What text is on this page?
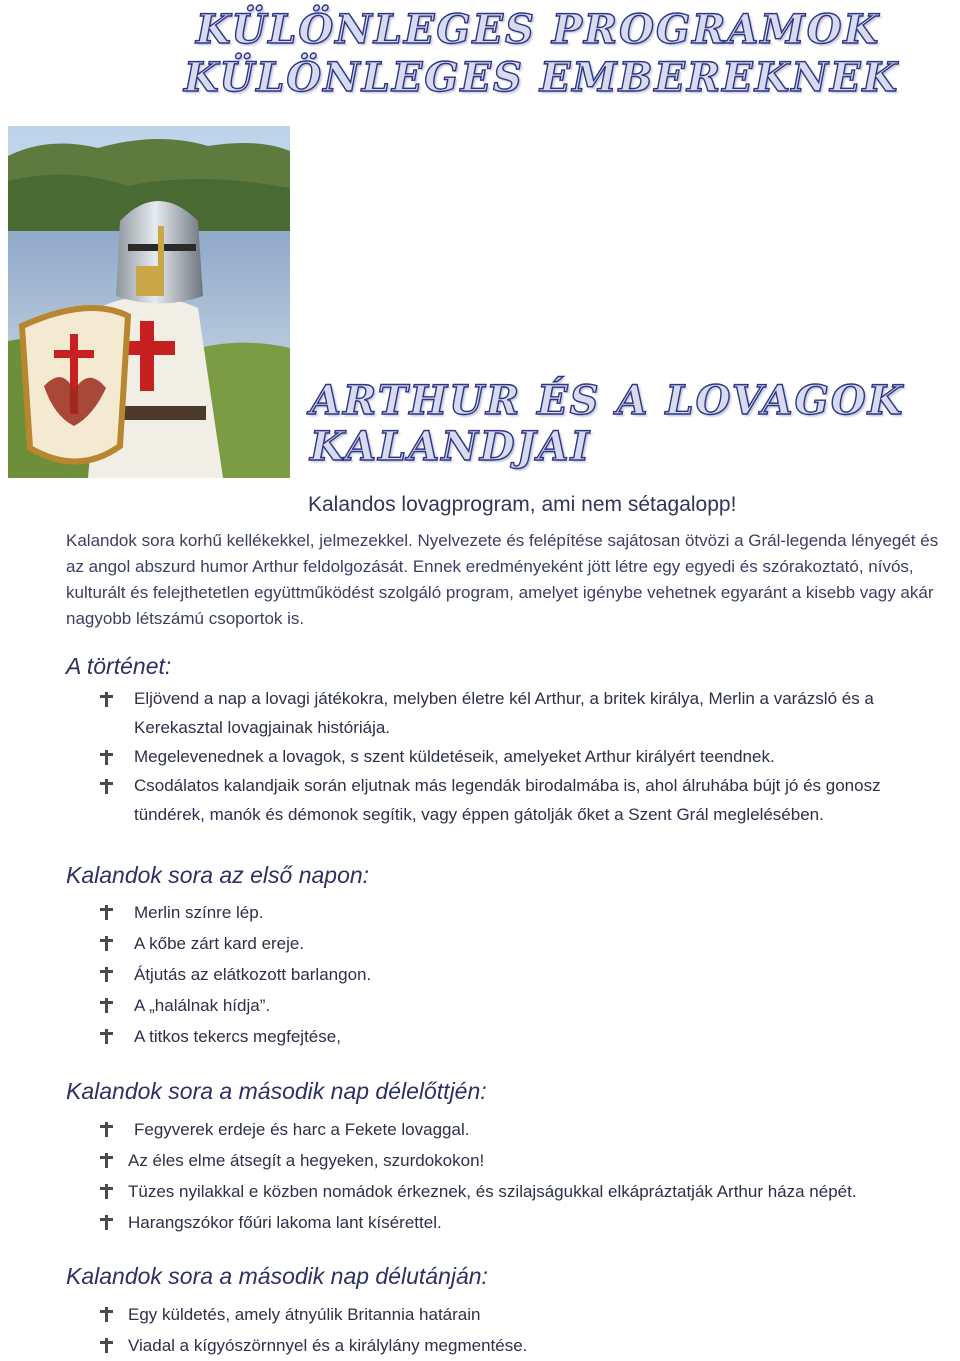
KÜLÖNLEGES PROGRAMOK
KÜLÖNLEGES EMBEREKNEK
ARTHUR ÉS A LOVAGOK
KALANDJAI
Kalandos lovagprogram, ami nem sétagalopp!
Kalandok sora korhű kellékekkel, jelmezekkel. Nyelvezete és felépítése sajátosan ötvözi a Grál-legenda lényegét és az angol abszurd humor Arthur feldolgozását. Ennek eredményeként jött létre egy egyedi és szórakoztató, nívós, kulturált és felejthetetlen együttműködést szolgáló program, amelyet igénybe vehetnek egyaránt a kisebb vagy akár nagyobb létszámú csoportok is.
A történet:
Eljövend a nap a lovagi játékokra, melyben életre kél Arthur, a britek királya, Merlin a varázsló és a Kerekasztal lovagjainak históriája.
Megelevenednek a lovagok, s szent küldetéseik, amelyeket Arthur királyért teendnek.
Csodálatos kalandjaik során eljutnak más legendák birodalmába is, ahol álruhába bújt jó és gonosz tündérek, manók és démonok segítik, vagy éppen gátolják őket a Szent Grál meglelésében.
Kalandok sora az első napon:
Merlin színre lép.
A kőbe zárt kard ereje.
Átjutás az elátkozott barlangon.
A „halálnak hídja”.
A titkos tekercs megfejtése,
Kalandok sora a második nap délelőttjén:
Fegyverek erdeje és harc a Fekete lovaggal.
Az éles elme átsegít a hegyeken, szurdokokon!
Tüzes nyilakkal e közben nomádok érkeznek, és szilajságukkal elkápráztatják Arthur háza népét.
Harangszókor főúri lakoma lant kísérettel.
Kalandok sora a második nap délutánján:
Egy küldetés, amely átnyúlik Britannia határain
Viadal a kígyószörnnyel és a királylány megmentése.
